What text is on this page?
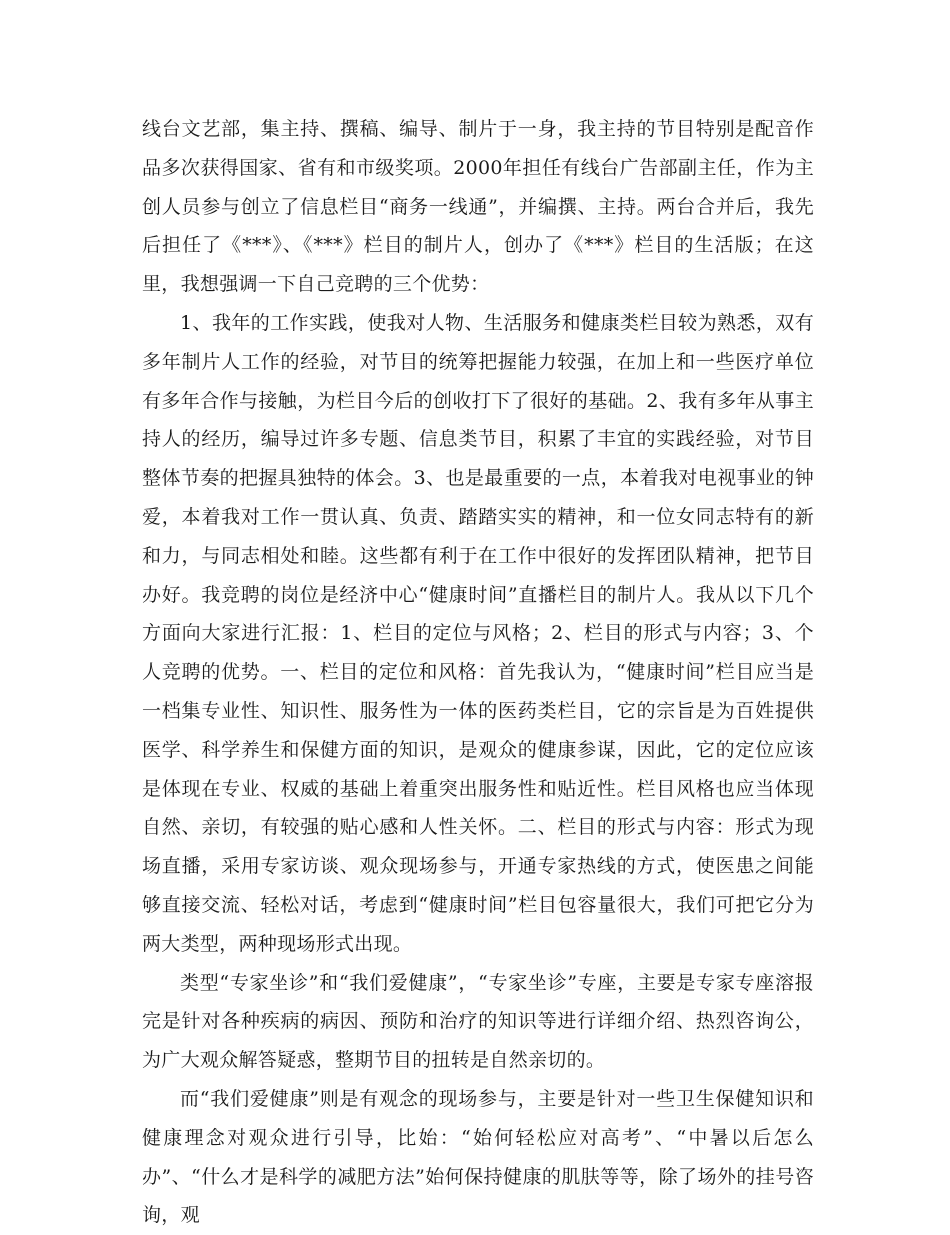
线台文艺部，集主持、撰稿、编导、制片于一身，我主持的节目特别是配音作品多次获得国家、省有和市级奖项。2000年担任有线台广告部副主任，作为主创人员参与创立了信息栏目“商务一线通”，并编撰、主持。两台合并后，我先后担任了《***》、《***》栏目的制片人，创办了《***》栏目的生活版；在这里，我想强调一下自己竞聘的三个优势：

1、我年的工作实践，使我对人物、生活服务和健康类栏目较为熟悉，双有多年制片人工作的经验，对节目的统筹把握能力较强，在加上和一些医疗单位有多年合作与接触，为栏目今后的创收打下了很好的基础。2、我有多年从事主持人的经历，编导过许多专题、信息类节目，积累了丰宜的实践经验，对节目整体节奏的把握具独特的体会。3、也是最重要的一点，本着我对电视事业的钟爱，本着我对工作一贯认真、负责、踏踏实实的精神，和一位女同志特有的新和力，与同志相处和睦。这些都有利于在工作中很好的发挥团队精神，把节目办好。我竞聘的岗位是经济中心“健康时间”直播栏目的制片人。我从以下几个方面向大家进行汇报：1、栏目的定位与风格；2、栏目的形式与内容；3、个人竞聘的优势。一、栏目的定位和风格：首先我认为，“健康时间”栏目应当是一档集专业性、知识性、服务性为一体的医药类栏目，它的宗旨是为百姓提供医学、科学养生和保健方面的知识，是观众的健康参谋，因此，它的定位应该是体现在专业、权威的基础上着重突出服务性和贴近性。栏目风格也应当体现自然、亲切，有较强的贴心感和人性关怀。二、栏目的形式与内容：形式为现场直播，采用专家访谈、观众现场参与，开通专家热线的方式，使医患之间能够直接交流、轻松对话，考虑到“健康时间”栏目包容量很大，我们可把它分为两大类型，两种现场形式出现。

类型“专家坐诊”和“我们爱健康”，“专家坐诊”专座，主要是专家专座溶报完是针对各种疾病的病因、预防和治疗的知识等进行详细介绍、热烈咨询公，为广大观众解答疑惑，整期节目的扭转是自然亲切的。

而“我们爱健康”则是有观念的现场参与，主要是针对一些卫生保健知识和健康理念对观众进行引导，比始：“始何轻松应对高考”、“中暑以后怎么办”、“什么才是科学的减肥方法”始何保持健康的肌肤等等，除了场外的挂号咨询，观
